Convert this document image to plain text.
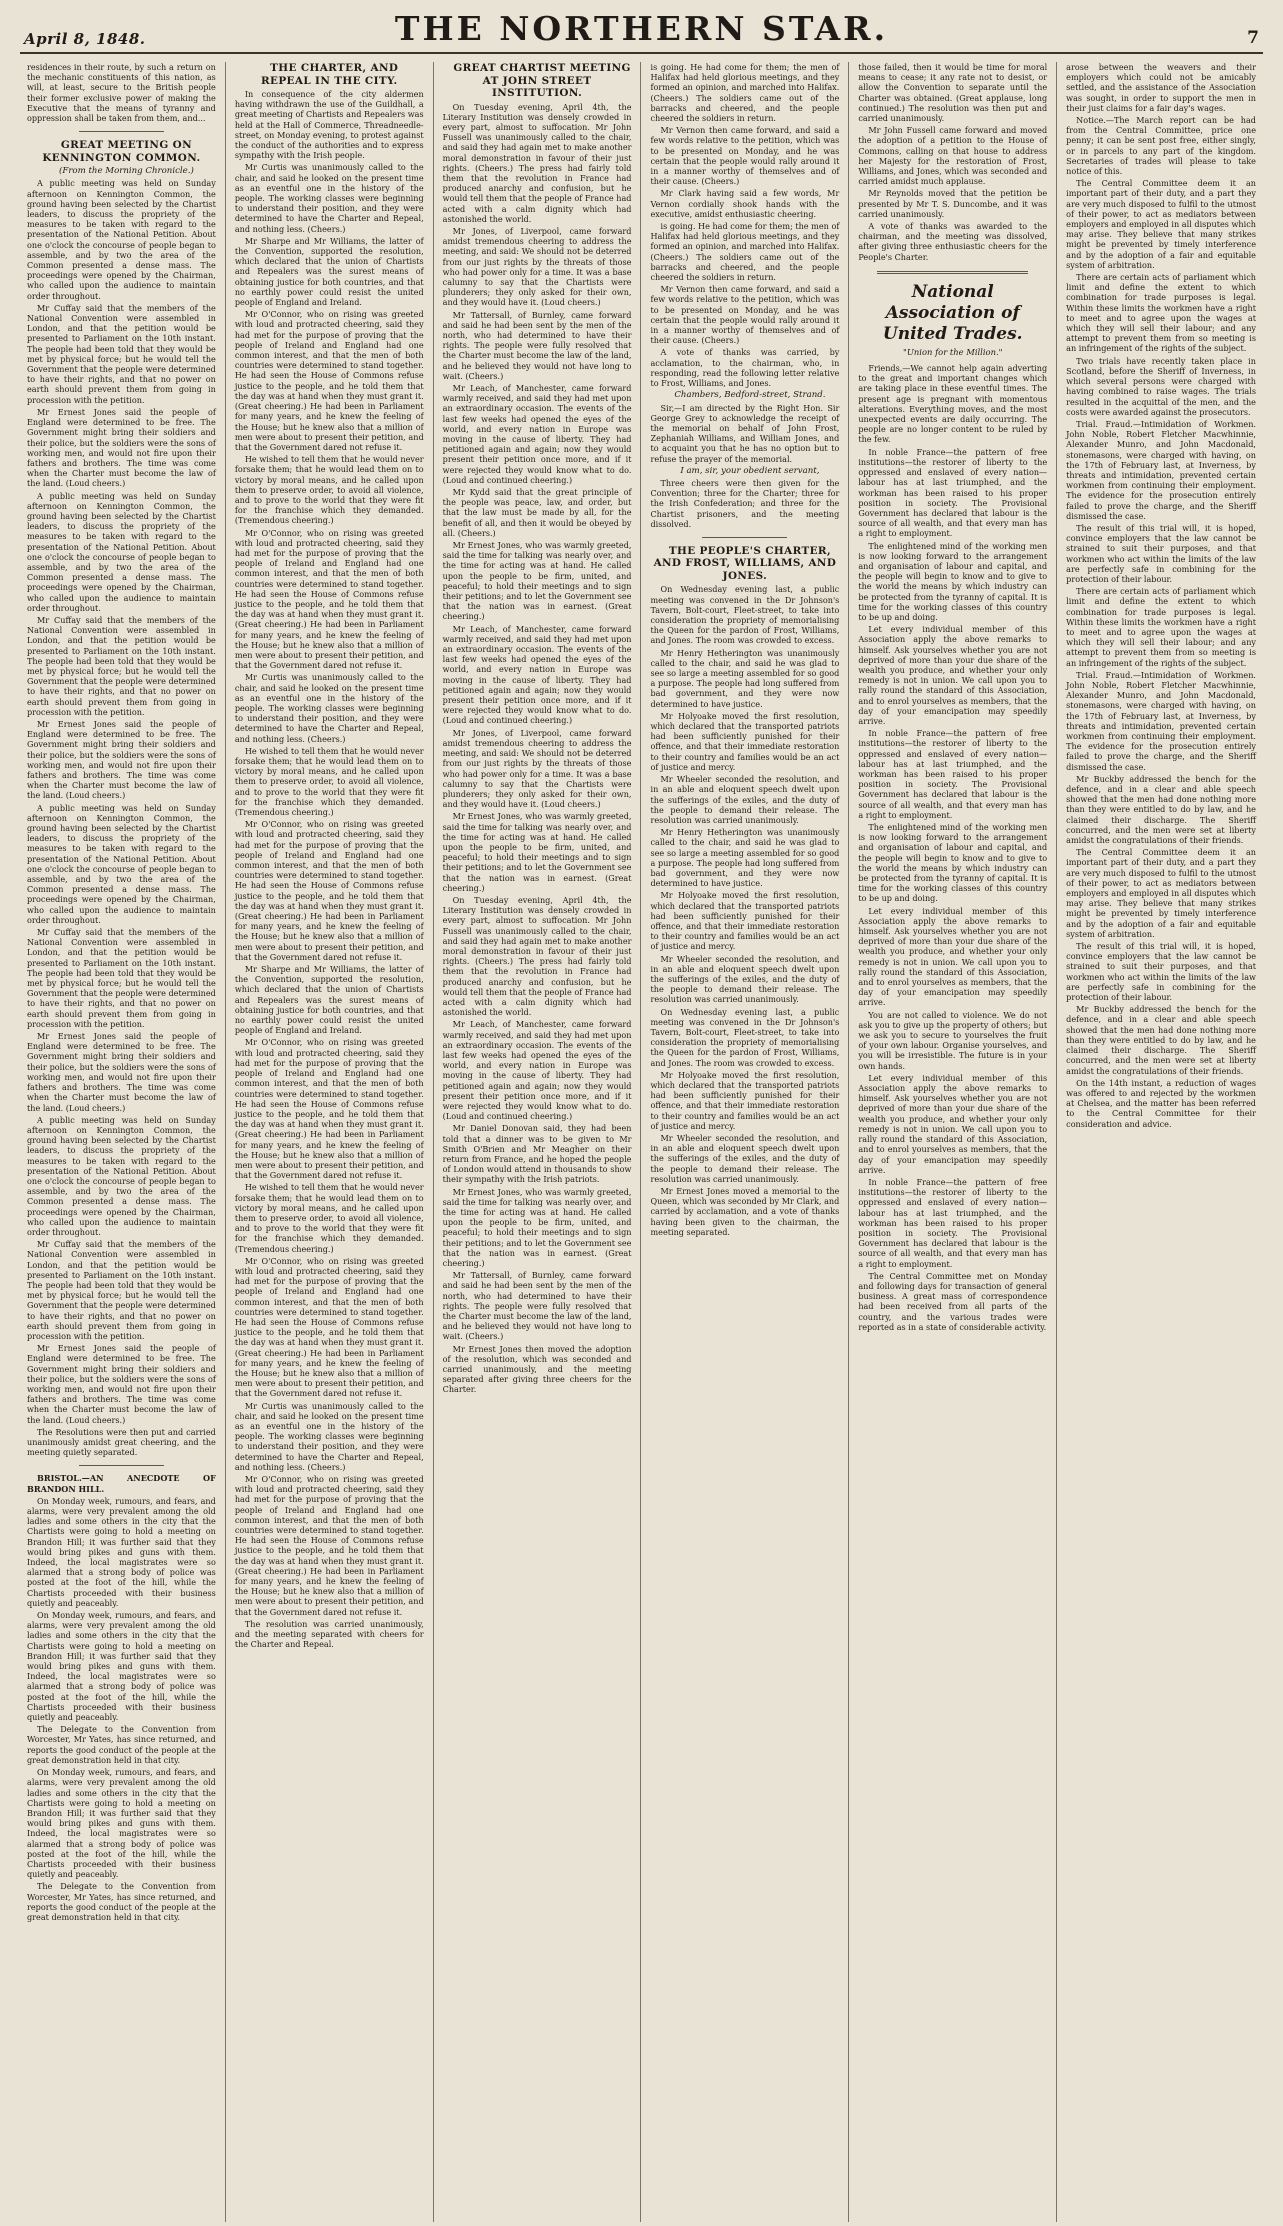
April 8, 1848.	THE NORTHERN STAR.	7

residences in their route, by such a return on the mechanic constituents of this nation, as will, at least, secure to the British people their former exclusive power of making the Executive that the means of tyranny and oppression shall be taken from them, and...

GREAT MEETING ON KENNINGTON COMMON.

(From the Morning Chronicle.)

A public meeting was held on Sunday afternoon on Kennington Common, the ground having been selected by the Chartist leaders, to discuss the propriety of the measures to be taken with regard to the presentation of the National Petition. About one o'clock the concourse of people began to assemble, and by two the area of the Common presented a dense mass. The proceedings were opened by the Chairman, who called upon the audience to maintain order throughout.

Mr Cuffay said that the members of the National Convention were assembled in London, and that the petition would be presented to Parliament on the 10th instant. The people had been told that they would be met by physical force; but he would tell the Government that the people were determined to have their rights, and that no power on earth should prevent them from going in procession with the petition.

Mr Ernest Jones said the people of England were determined to be free. The Government might bring their soldiers and their police, but the soldiers were the sons of working men, and would not fire upon their fathers and brothers. The time was come when the Charter must become the law of the land. (Loud cheers.)

A public meeting was held on Sunday afternoon on Kennington Common, the ground having been selected by the Chartist leaders, to discuss the propriety of the measures to be taken with regard to the presentation of the National Petition. About one o'clock the concourse of people began to assemble, and by two the area of the Common presented a dense mass. The proceedings were opened by the Chairman, who called upon the audience to maintain order throughout.

Mr Cuffay said that the members of the National Convention were assembled in London, and that the petition would be presented to Parliament on the 10th instant. The people had been told that they would be met by physical force; but he would tell the Government that the people were determined to have their rights, and that no power on earth should prevent them from going in procession with the petition.

Mr Ernest Jones said the people of England were determined to be free. The Government might bring their soldiers and their police, but the soldiers were the sons of working men, and would not fire upon their fathers and brothers. The time was come when the Charter must become the law of the land. (Loud cheers.)

A public meeting was held on Sunday afternoon on Kennington Common, the ground having been selected by the Chartist leaders, to discuss the propriety of the measures to be taken with regard to the presentation of the National Petition. About one o'clock the concourse of people began to assemble, and by two the area of the Common presented a dense mass. The proceedings were opened by the Chairman, who called upon the audience to maintain order throughout.

Mr Cuffay said that the members of the National Convention were assembled in London, and that the petition would be presented to Parliament on the 10th instant. The people had been told that they would be met by physical force; but he would tell the Government that the people were determined to have their rights, and that no power on earth should prevent them from going in procession with the petition.

Mr Ernest Jones said the people of England were determined to be free. The Government might bring their soldiers and their police, but the soldiers were the sons of working men, and would not fire upon their fathers and brothers. The time was come when the Charter must become the law of the land. (Loud cheers.)

A public meeting was held on Sunday afternoon on Kennington Common, the ground having been selected by the Chartist leaders, to discuss the propriety of the measures to be taken with regard to the presentation of the National Petition. About one o'clock the concourse of people began to assemble, and by two the area of the Common presented a dense mass. The proceedings were opened by the Chairman, who called upon the audience to maintain order throughout.

Mr Cuffay said that the members of the National Convention were assembled in London, and that the petition would be presented to Parliament on the 10th instant. The people had been told that they would be met by physical force; but he would tell the Government that the people were determined to have their rights, and that no power on earth should prevent them from going in procession with the petition.

Mr Ernest Jones said the people of England were determined to be free. The Government might bring their soldiers and their police, but the soldiers were the sons of working men, and would not fire upon their fathers and brothers. The time was come when the Charter must become the law of the land. (Loud cheers.)

The Resolutions were then put and carried unanimously amidst great cheering, and the meeting quietly separated.

BRISTOL.—AN ANECDOTE OF BRANDON HILL.

On Monday week, rumours, and fears, and alarms, were very prevalent among the old ladies and some others in the city that the Chartists were going to hold a meeting on Brandon Hill; it was further said that they would bring pikes and guns with them. Indeed, the local magistrates were so alarmed that a strong body of police was posted at the foot of the hill, while the Chartists proceeded with their business quietly and peaceably.

On Monday week, rumours, and fears, and alarms, were very prevalent among the old ladies and some others in the city that the Chartists were going to hold a meeting on Brandon Hill; it was further said that they would bring pikes and guns with them. Indeed, the local magistrates were so alarmed that a strong body of police was posted at the foot of the hill, while the Chartists proceeded with their business quietly and peaceably.

The Delegate to the Convention from Worcester, Mr Yates, has since returned, and reports the good conduct of the people at the great demonstration held in that city.

On Monday week, rumours, and fears, and alarms, were very prevalent among the old ladies and some others in the city that the Chartists were going to hold a meeting on Brandon Hill; it was further said that they would bring pikes and guns with them. Indeed, the local magistrates were so alarmed that a strong body of police was posted at the foot of the hill, while the Chartists proceeded with their business quietly and peaceably.

The Delegate to the Convention from Worcester, Mr Yates, has since returned, and reports the good conduct of the people at the great demonstration held in that city.

THE CHARTER, AND REPEAL IN THE CITY.

In consequence of the city aldermen having withdrawn the use of the Guildhall, a great meeting of Chartists and Repealers was held at the Hall of Commerce, Threadneedle-street, on Monday evening, to protest against the conduct of the authorities and to express sympathy with the Irish people.

Mr Curtis was unanimously called to the chair, and said he looked on the present time as an eventful one in the history of the people. The working classes were beginning to understand their position, and they were determined to have the Charter and Repeal, and nothing less. (Cheers.)

Mr Sharpe and Mr Williams, the latter of the Convention, supported the resolution, which declared that the union of Chartists and Repealers was the surest means of obtaining justice for both countries, and that no earthly power could resist the united people of England and Ireland.

Mr O'Connor, who on rising was greeted with loud and protracted cheering, said they had met for the purpose of proving that the people of Ireland and England had one common interest, and that the men of both countries were determined to stand together. He had seen the House of Commons refuse justice to the people, and he told them that the day was at hand when they must grant it. (Great cheering.) He had been in Parliament for many years, and he knew the feeling of the House; but he knew also that a million of men were about to present their petition, and that the Government dared not refuse it.

He wished to tell them that he would never forsake them; that he would lead them on to victory by moral means, and he called upon them to preserve order, to avoid all violence, and to prove to the world that they were fit for the franchise which they demanded. (Tremendous cheering.)

Mr O'Connor, who on rising was greeted with loud and protracted cheering, said they had met for the purpose of proving that the people of Ireland and England had one common interest, and that the men of both countries were determined to stand together. He had seen the House of Commons refuse justice to the people, and he told them that the day was at hand when they must grant it. (Great cheering.) He had been in Parliament for many years, and he knew the feeling of the House; but he knew also that a million of men were about to present their petition, and that the Government dared not refuse it.

Mr Curtis was unanimously called to the chair, and said he looked on the present time as an eventful one in the history of the people. The working classes were beginning to understand their position, and they were determined to have the Charter and Repeal, and nothing less. (Cheers.)

He wished to tell them that he would never forsake them; that he would lead them on to victory by moral means, and he called upon them to preserve order, to avoid all violence, and to prove to the world that they were fit for the franchise which they demanded. (Tremendous cheering.)

Mr O'Connor, who on rising was greeted with loud and protracted cheering, said they had met for the purpose of proving that the people of Ireland and England had one common interest, and that the men of both countries were determined to stand together. He had seen the House of Commons refuse justice to the people, and he told them that the day was at hand when they must grant it. (Great cheering.) He had been in Parliament for many years, and he knew the feeling of the House; but he knew also that a million of men were about to present their petition, and that the Government dared not refuse it.

Mr Sharpe and Mr Williams, the latter of the Convention, supported the resolution, which declared that the union of Chartists and Repealers was the surest means of obtaining justice for both countries, and that no earthly power could resist the united people of England and Ireland.

Mr O'Connor, who on rising was greeted with loud and protracted cheering, said they had met for the purpose of proving that the people of Ireland and England had one common interest, and that the men of both countries were determined to stand together. He had seen the House of Commons refuse justice to the people, and he told them that the day was at hand when they must grant it. (Great cheering.) He had been in Parliament for many years, and he knew the feeling of the House; but he knew also that a million of men were about to present their petition, and that the Government dared not refuse it.

He wished to tell them that he would never forsake them; that he would lead them on to victory by moral means, and he called upon them to preserve order, to avoid all violence, and to prove to the world that they were fit for the franchise which they demanded. (Tremendous cheering.)

Mr O'Connor, who on rising was greeted with loud and protracted cheering, said they had met for the purpose of proving that the people of Ireland and England had one common interest, and that the men of both countries were determined to stand together. He had seen the House of Commons refuse justice to the people, and he told them that the day was at hand when they must grant it. (Great cheering.) He had been in Parliament for many years, and he knew the feeling of the House; but he knew also that a million of men were about to present their petition, and that the Government dared not refuse it.

Mr Curtis was unanimously called to the chair, and said he looked on the present time as an eventful one in the history of the people. The working classes were beginning to understand their position, and they were determined to have the Charter and Repeal, and nothing less. (Cheers.)

Mr O'Connor, who on rising was greeted with loud and protracted cheering, said they had met for the purpose of proving that the people of Ireland and England had one common interest, and that the men of both countries were determined to stand together. He had seen the House of Commons refuse justice to the people, and he told them that the day was at hand when they must grant it. (Great cheering.) He had been in Parliament for many years, and he knew the feeling of the House; but he knew also that a million of men were about to present their petition, and that the Government dared not refuse it.

The resolution was carried unanimously, and the meeting separated with cheers for the Charter and Repeal.

GREAT CHARTIST MEETING AT JOHN STREET INSTITUTION.

On Tuesday evening, April 4th, the Literary Institution was densely crowded in every part, almost to suffocation. Mr John Fussell was unanimously called to the chair, and said they had again met to make another moral demonstration in favour of their just rights. (Cheers.) The press had fairly told them that the revolution in France had produced anarchy and confusion, but he would tell them that the people of France had acted with a calm dignity which had astonished the world.

Mr Jones, of Liverpool, came forward amidst tremendous cheering to address the meeting, and said: We should not be deterred from our just rights by the threats of those who had power only for a time. It was a base calumny to say that the Chartists were plunderers; they only asked for their own, and they would have it. (Loud cheers.)

Mr Tattersall, of Burnley, came forward and said he had been sent by the men of the north, who had determined to have their rights. The people were fully resolved that the Charter must become the law of the land, and he believed they would not have long to wait. (Cheers.)

Mr Leach, of Manchester, came forward warmly received, and said they had met upon an extraordinary occasion. The events of the last few weeks had opened the eyes of the world, and every nation in Europe was moving in the cause of liberty. They had petitioned again and again; now they would present their petition once more, and if it were rejected they would know what to do. (Loud and continued cheering.)

Mr Kydd said that the great principle of the people was peace, law, and order, but that the law must be made by all, for the benefit of all, and then it would be obeyed by all. (Cheers.)

Mr Ernest Jones, who was warmly greeted, said the time for talking was nearly over, and the time for acting was at hand. He called upon the people to be firm, united, and peaceful; to hold their meetings and to sign their petitions; and to let the Government see that the nation was in earnest. (Great cheering.)

Mr Leach, of Manchester, came forward warmly received, and said they had met upon an extraordinary occasion. The events of the last few weeks had opened the eyes of the world, and every nation in Europe was moving in the cause of liberty. They had petitioned again and again; now they would present their petition once more, and if it were rejected they would know what to do. (Loud and continued cheering.)

Mr Jones, of Liverpool, came forward amidst tremendous cheering to address the meeting, and said: We should not be deterred from our just rights by the threats of those who had power only for a time. It was a base calumny to say that the Chartists were plunderers; they only asked for their own, and they would have it. (Loud cheers.)

Mr Ernest Jones, who was warmly greeted, said the time for talking was nearly over, and the time for acting was at hand. He called upon the people to be firm, united, and peaceful; to hold their meetings and to sign their petitions; and to let the Government see that the nation was in earnest. (Great cheering.)

On Tuesday evening, April 4th, the Literary Institution was densely crowded in every part, almost to suffocation. Mr John Fussell was unanimously called to the chair, and said they had again met to make another moral demonstration in favour of their just rights. (Cheers.) The press had fairly told them that the revolution in France had produced anarchy and confusion, but he would tell them that the people of France had acted with a calm dignity which had astonished the world.

Mr Leach, of Manchester, came forward warmly received, and said they had met upon an extraordinary occasion. The events of the last few weeks had opened the eyes of the world, and every nation in Europe was moving in the cause of liberty. They had petitioned again and again; now they would present their petition once more, and if it were rejected they would know what to do. (Loud and continued cheering.)

Mr Daniel Donovan said, they had been told that a dinner was to be given to Mr Smith O'Brien and Mr Meagher on their return from France, and he hoped the people of London would attend in thousands to show their sympathy with the Irish patriots.

Mr Ernest Jones, who was warmly greeted, said the time for talking was nearly over, and the time for acting was at hand. He called upon the people to be firm, united, and peaceful; to hold their meetings and to sign their petitions; and to let the Government see that the nation was in earnest. (Great cheering.)

Mr Tattersall, of Burnley, came forward and said he had been sent by the men of the north, who had determined to have their rights. The people were fully resolved that the Charter must become the law of the land, and he believed they would not have long to wait. (Cheers.)

Mr Ernest Jones then moved the adoption of the resolution, which was seconded and carried unanimously, and the meeting separated after giving three cheers for the Charter.

is going. He had come for them; the men of Halifax had held glorious meetings, and they formed an opinion, and marched into Halifax. (Cheers.) The soldiers came out of the barracks and cheered, and the people cheered the soldiers in return.

Mr Vernon then came forward, and said a few words relative to the petition, which was to be presented on Monday, and he was certain that the people would rally around it in a manner worthy of themselves and of their cause. (Cheers.)

Mr Clark having said a few words, Mr Vernon cordially shook hands with the executive, amidst enthusiastic cheering.

is going. He had come for them; the men of Halifax had held glorious meetings, and they formed an opinion, and marched into Halifax. (Cheers.) The soldiers came out of the barracks and cheered, and the people cheered the soldiers in return.

Mr Vernon then came forward, and said a few words relative to the petition, which was to be presented on Monday, and he was certain that the people would rally around it in a manner worthy of themselves and of their cause. (Cheers.)

A vote of thanks was carried, by acclamation, to the chairman, who, in responding, read the following letter relative to Frost, Williams, and Jones.

Chambers, Bedford-street, Strand.

Sir,—I am directed by the Right Hon. Sir George Grey to acknowledge the receipt of the memorial on behalf of John Frost, Zephaniah Williams, and William Jones, and to acquaint you that he has no option but to refuse the prayer of the memorial.

I am, sir, your obedient servant,

Three cheers were then given for the Convention; three for the Charter; three for the Irish Confederation; and three for the Chartist prisoners, and the meeting dissolved.

THE PEOPLE'S CHARTER, AND FROST, WILLIAMS, AND JONES.

On Wednesday evening last, a public meeting was convened in the Dr Johnson's Tavern, Bolt-court, Fleet-street, to take into consideration the propriety of memorialising the Queen for the pardon of Frost, Williams, and Jones. The room was crowded to excess.

Mr Henry Hetherington was unanimously called to the chair, and said he was glad to see so large a meeting assembled for so good a purpose. The people had long suffered from bad government, and they were now determined to have justice.

Mr Holyoake moved the first resolution, which declared that the transported patriots had been sufficiently punished for their offence, and that their immediate restoration to their country and families would be an act of justice and mercy.

Mr Wheeler seconded the resolution, and in an able and eloquent speech dwelt upon the sufferings of the exiles, and the duty of the people to demand their release. The resolution was carried unanimously.

Mr Henry Hetherington was unanimously called to the chair, and said he was glad to see so large a meeting assembled for so good a purpose. The people had long suffered from bad government, and they were now determined to have justice.

Mr Holyoake moved the first resolution, which declared that the transported patriots had been sufficiently punished for their offence, and that their immediate restoration to their country and families would be an act of justice and mercy.

Mr Wheeler seconded the resolution, and in an able and eloquent speech dwelt upon the sufferings of the exiles, and the duty of the people to demand their release. The resolution was carried unanimously.

On Wednesday evening last, a public meeting was convened in the Dr Johnson's Tavern, Bolt-court, Fleet-street, to take into consideration the propriety of memorialising the Queen for the pardon of Frost, Williams, and Jones. The room was crowded to excess.

Mr Holyoake moved the first resolution, which declared that the transported patriots had been sufficiently punished for their offence, and that their immediate restoration to their country and families would be an act of justice and mercy.

Mr Wheeler seconded the resolution, and in an able and eloquent speech dwelt upon the sufferings of the exiles, and the duty of the people to demand their release. The resolution was carried unanimously.

Mr Ernest Jones moved a memorial to the Queen, which was seconded by Mr Clark, and carried by acclamation, and a vote of thanks having been given to the chairman, the meeting separated.

those failed, then it would be time for moral means to cease; it any rate not to desist, or allow the Convention to separate until the Charter was obtained. (Great applause, long continued.) The resolution was then put and carried unanimously.

Mr John Fussell came forward and moved the adoption of a petition to the House of Commons, calling on that house to address her Majesty for the restoration of Frost, Williams, and Jones, which was seconded and carried amidst much applause.

Mr Reynolds moved that the petition be presented by Mr T. S. Duncombe, and it was carried unanimously.

A vote of thanks was awarded to the chairman, and the meeting was dissolved, after giving three enthusiastic cheers for the People's Charter.

National Association of United Trades.
"Union for the Million."

Friends,—We cannot help again adverting to the great and important changes which are taking place in these eventful times. The present age is pregnant with momentous alterations. Everything moves, and the most unexpected events are daily occurring. The people are no longer content to be ruled by the few.

In noble France—the pattern of free institutions—the restorer of liberty to the oppressed and enslaved of every nation—labour has at last triumphed, and the workman has been raised to his proper position in society. The Provisional Government has declared that labour is the source of all wealth, and that every man has a right to employment.

The enlightened mind of the working men is now looking forward to the arrangement and organisation of labour and capital, and the people will begin to know and to give to the world the means by which industry can be protected from the tyranny of capital. It is time for the working classes of this country to be up and doing.

Let every individual member of this Association apply the above remarks to himself. Ask yourselves whether you are not deprived of more than your due share of the wealth you produce, and whether your only remedy is not in union. We call upon you to rally round the standard of this Association, and to enrol yourselves as members, that the day of your emancipation may speedily arrive.

In noble France—the pattern of free institutions—the restorer of liberty to the oppressed and enslaved of every nation—labour has at last triumphed, and the workman has been raised to his proper position in society. The Provisional Government has declared that labour is the source of all wealth, and that every man has a right to employment.

The enlightened mind of the working men is now looking forward to the arrangement and organisation of labour and capital, and the people will begin to know and to give to the world the means by which industry can be protected from the tyranny of capital. It is time for the working classes of this country to be up and doing.

Let every individual member of this Association apply the above remarks to himself. Ask yourselves whether you are not deprived of more than your due share of the wealth you produce, and whether your only remedy is not in union. We call upon you to rally round the standard of this Association, and to enrol yourselves as members, that the day of your emancipation may speedily arrive.

You are not called to violence. We do not ask you to give up the property of others; but we ask you to secure to yourselves the fruit of your own labour. Organise yourselves, and you will be irresistible. The future is in your own hands.

Let every individual member of this Association apply the above remarks to himself. Ask yourselves whether you are not deprived of more than your due share of the wealth you produce, and whether your only remedy is not in union. We call upon you to rally round the standard of this Association, and to enrol yourselves as members, that the day of your emancipation may speedily arrive.

In noble France—the pattern of free institutions—the restorer of liberty to the oppressed and enslaved of every nation—labour has at last triumphed, and the workman has been raised to his proper position in society. The Provisional Government has declared that labour is the source of all wealth, and that every man has a right to employment.

The Central Committee met on Monday and following days for transaction of general business. A great mass of correspondence had been received from all parts of the country, and the various trades were reported as in a state of considerable activity.

arose between the weavers and their employers which could not be amicably settled, and the assistance of the Association was sought, in order to support the men in their just claims for a fair day's wages.

Notice.—The March report can be had from the Central Committee, price one penny; it can be sent post free, either singly, or in parcels to any part of the kingdom. Secretaries of trades will please to take notice of this.

The Central Committee deem it an important part of their duty, and a part they are very much disposed to fulfil to the utmost of their power, to act as mediators between employers and employed in all disputes which may arise. They believe that many strikes might be prevented by timely interference and by the adoption of a fair and equitable system of arbitration.

There are certain acts of parliament which limit and define the extent to which combination for trade purposes is legal. Within these limits the workmen have a right to meet and to agree upon the wages at which they will sell their labour; and any attempt to prevent them from so meeting is an infringement of the rights of the subject.

Two trials have recently taken place in Scotland, before the Sheriff of Inverness, in which several persons were charged with having combined to raise wages. The trials resulted in the acquittal of the men, and the costs were awarded against the prosecutors.

Trial. Fraud.—Intimidation of Workmen. John Noble, Robert Fletcher Macwhinnie, Alexander Munro, and John Macdonald, stonemasons, were charged with having, on the 17th of February last, at Inverness, by threats and intimidation, prevented certain workmen from continuing their employment. The evidence for the prosecution entirely failed to prove the charge, and the Sheriff dismissed the case.

The result of this trial will, it is hoped, convince employers that the law cannot be strained to suit their purposes, and that workmen who act within the limits of the law are perfectly safe in combining for the protection of their labour.

There are certain acts of parliament which limit and define the extent to which combination for trade purposes is legal. Within these limits the workmen have a right to meet and to agree upon the wages at which they will sell their labour; and any attempt to prevent them from so meeting is an infringement of the rights of the subject.

Trial. Fraud.—Intimidation of Workmen. John Noble, Robert Fletcher Macwhinnie, Alexander Munro, and John Macdonald, stonemasons, were charged with having, on the 17th of February last, at Inverness, by threats and intimidation, prevented certain workmen from continuing their employment. The evidence for the prosecution entirely failed to prove the charge, and the Sheriff dismissed the case.

Mr Buckby addressed the bench for the defence, and in a clear and able speech showed that the men had done nothing more than they were entitled to do by law, and he claimed their discharge. The Sheriff concurred, and the men were set at liberty amidst the congratulations of their friends.

The Central Committee deem it an important part of their duty, and a part they are very much disposed to fulfil to the utmost of their power, to act as mediators between employers and employed in all disputes which may arise. They believe that many strikes might be prevented by timely interference and by the adoption of a fair and equitable system of arbitration.

The result of this trial will, it is hoped, convince employers that the law cannot be strained to suit their purposes, and that workmen who act within the limits of the law are perfectly safe in combining for the protection of their labour.

Mr Buckby addressed the bench for the defence, and in a clear and able speech showed that the men had done nothing more than they were entitled to do by law, and he claimed their discharge. The Sheriff concurred, and the men were set at liberty amidst the congratulations of their friends.

On the 14th instant, a reduction of wages was offered to and rejected by the workmen at Chelsea, and the matter has been referred to the Central Committee for their consideration and advice.
